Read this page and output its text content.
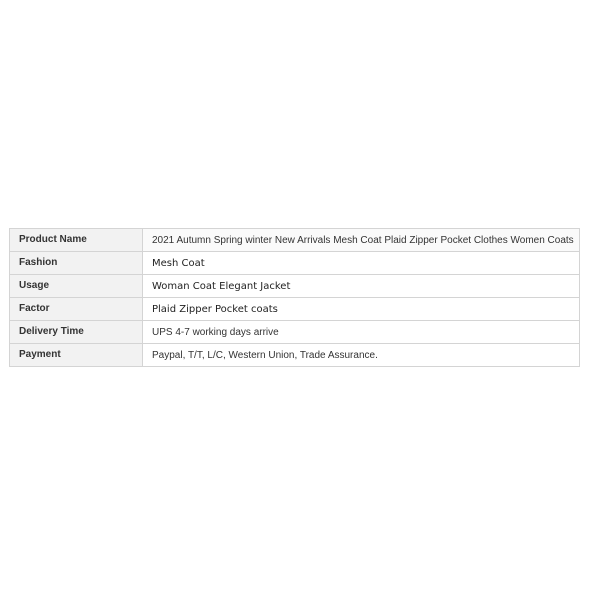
Product Name	2021 Autumn Spring winter New Arrivals Mesh Coat Plaid Zipper Pocket Clothes Women Coats
Fashion	Mesh Coat
Usage	Woman Coat Elegant Jacket
Factor	Plaid Zipper Pocket coats
Delivery Time	UPS 4-7 working days arrive
Payment	Paypal, T/T, L/C, Western Union, Trade Assurance.
